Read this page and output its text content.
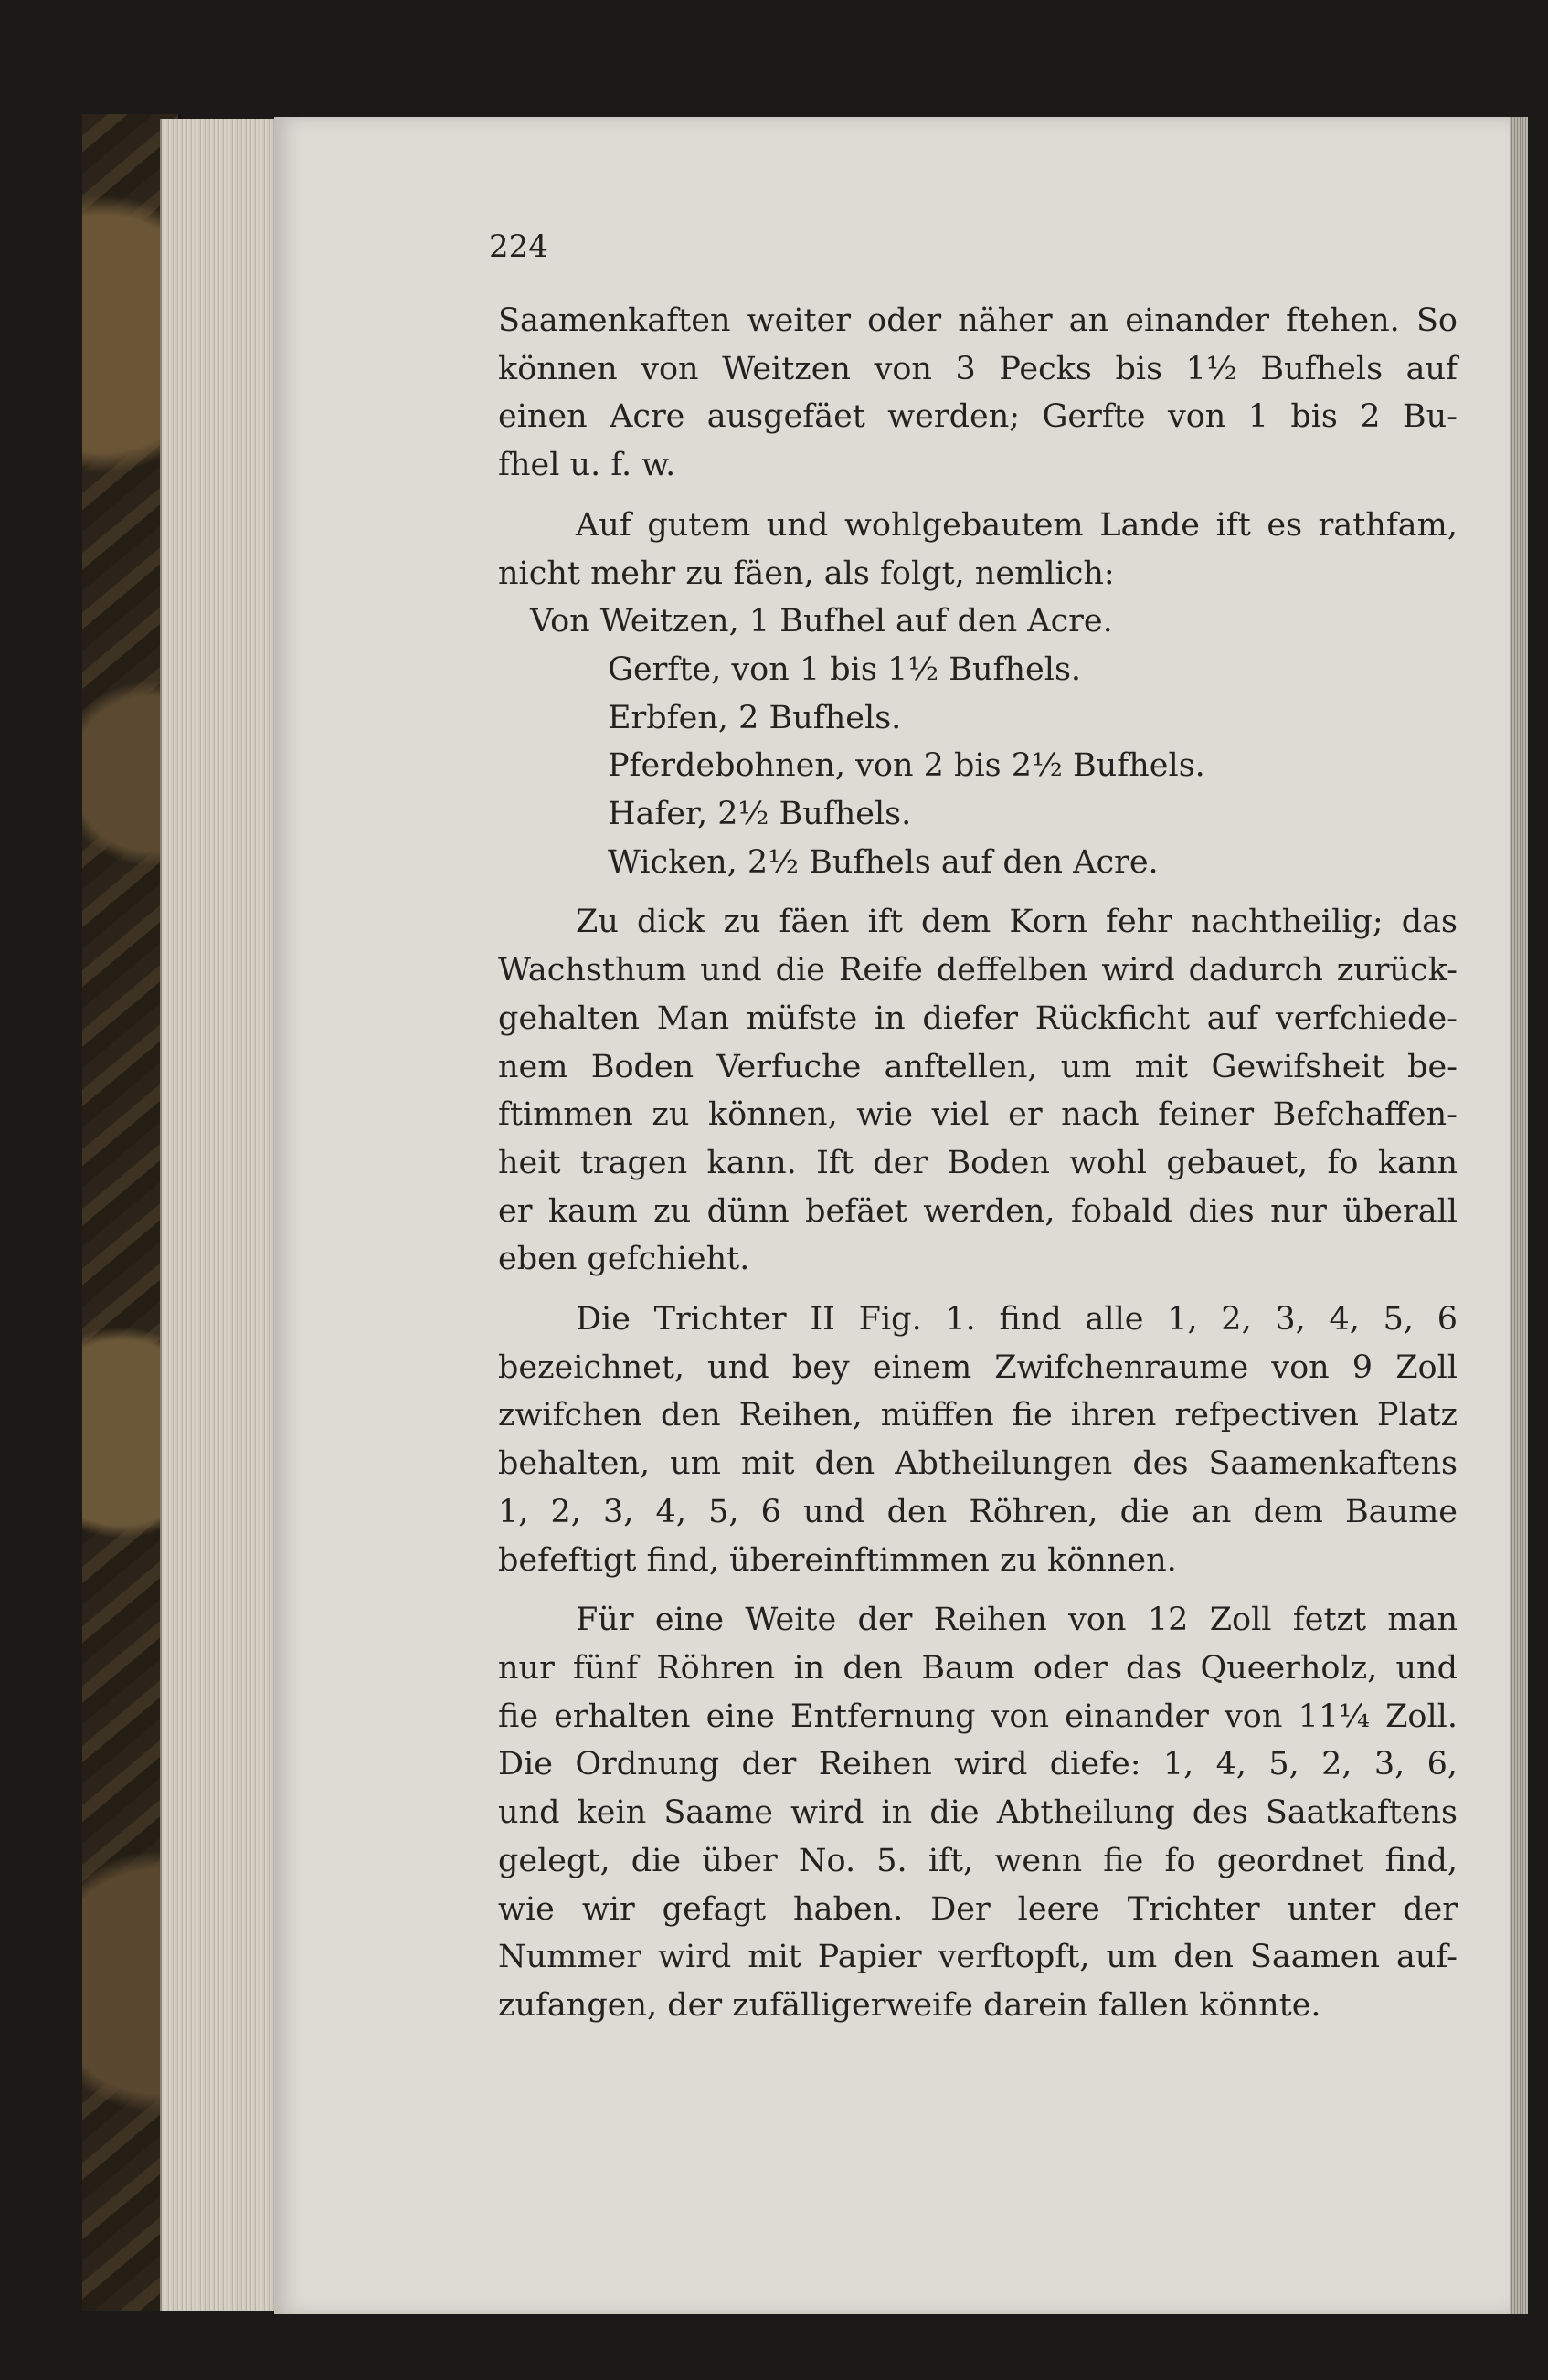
224
Saamenkaften weiter oder näher an einander ftehen. So
können von Weitzen von 3 Pecks bis 1½ Bufhels auf
einen Acre ausgefäet werden; Gerfte von 1 bis 2 Bu-
fhel u. f. w.
Auf gutem und wohlgebautem Lande ift es rathfam,
nicht mehr zu fäen, als folgt, nemlich:
Von Weitzen, 1 Bufhel auf den Acre.
Gerfte, von 1 bis 1½ Bufhels.
Erbfen, 2 Bufhels.
Pferdebohnen, von 2 bis 2½ Bufhels.
Hafer, 2½ Bufhels.
Wicken, 2½ Bufhels auf den Acre.
Zu dick zu fäen ift dem Korn fehr nachtheilig; das
Wachsthum und die Reife deffelben wird dadurch zurück-
gehalten Man müfste in diefer Rückficht auf verfchiede-
nem Boden Verfuche anftellen, um mit Gewifsheit be-
ftimmen zu können, wie viel er nach feiner Befchaffen-
heit tragen kann. Ift der Boden wohl gebauet, fo kann
er kaum zu dünn befäet werden, fobald dies nur überall
eben gefchieht.
Die Trichter II Fig. 1. find alle 1, 2, 3, 4, 5, 6
bezeichnet, und bey einem Zwifchenraume von 9 Zoll
zwifchen den Reihen, müffen fie ihren refpectiven Platz
behalten, um mit den Abtheilungen des Saamenkaftens
1, 2, 3, 4, 5, 6 und den Röhren, die an dem Baume
befeftigt find, übereinftimmen zu können.
Für eine Weite der Reihen von 12 Zoll fetzt man
nur fünf Röhren in den Baum oder das Queerholz, und
fie erhalten eine Entfernung von einander von 11¼ Zoll.
Die Ordnung der Reihen wird diefe: 1, 4, 5, 2, 3, 6,
und kein Saame wird in die Abtheilung des Saatkaftens
gelegt, die über No. 5. ift, wenn fie fo geordnet find,
wie wir gefagt haben. Der leere Trichter unter der
Nummer wird mit Papier verftopft, um den Saamen auf-
zufangen, der zufälligerweife darein fallen könnte.
